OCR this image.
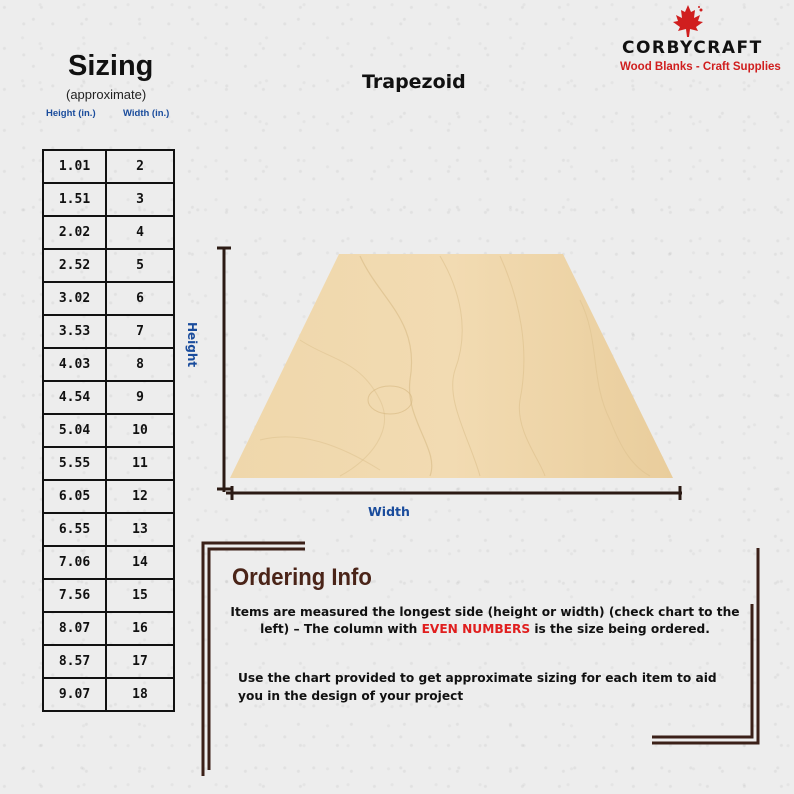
CORBYCRAFT
Wood Blanks - Craft Supplies
Sizing
(approximate)
Height (in.)	Width (in.)
1.01	2
1.51	3
2.02	4
2.52	5
3.02	6
3.53	7
4.03	8
4.54	9
5.04	10
5.55	11
6.05	12
6.55	13
7.06	14
7.56	15
8.07	16
8.57	17
9.07	18
Trapezoid
Height
Width
Ordering Info
Items are measured the longest side (height or width) (check chart to the left) – The column with EVEN NUMBERS is the size being ordered.
Use the chart provided to get approximate sizing for each item to aid you in the design of your project
